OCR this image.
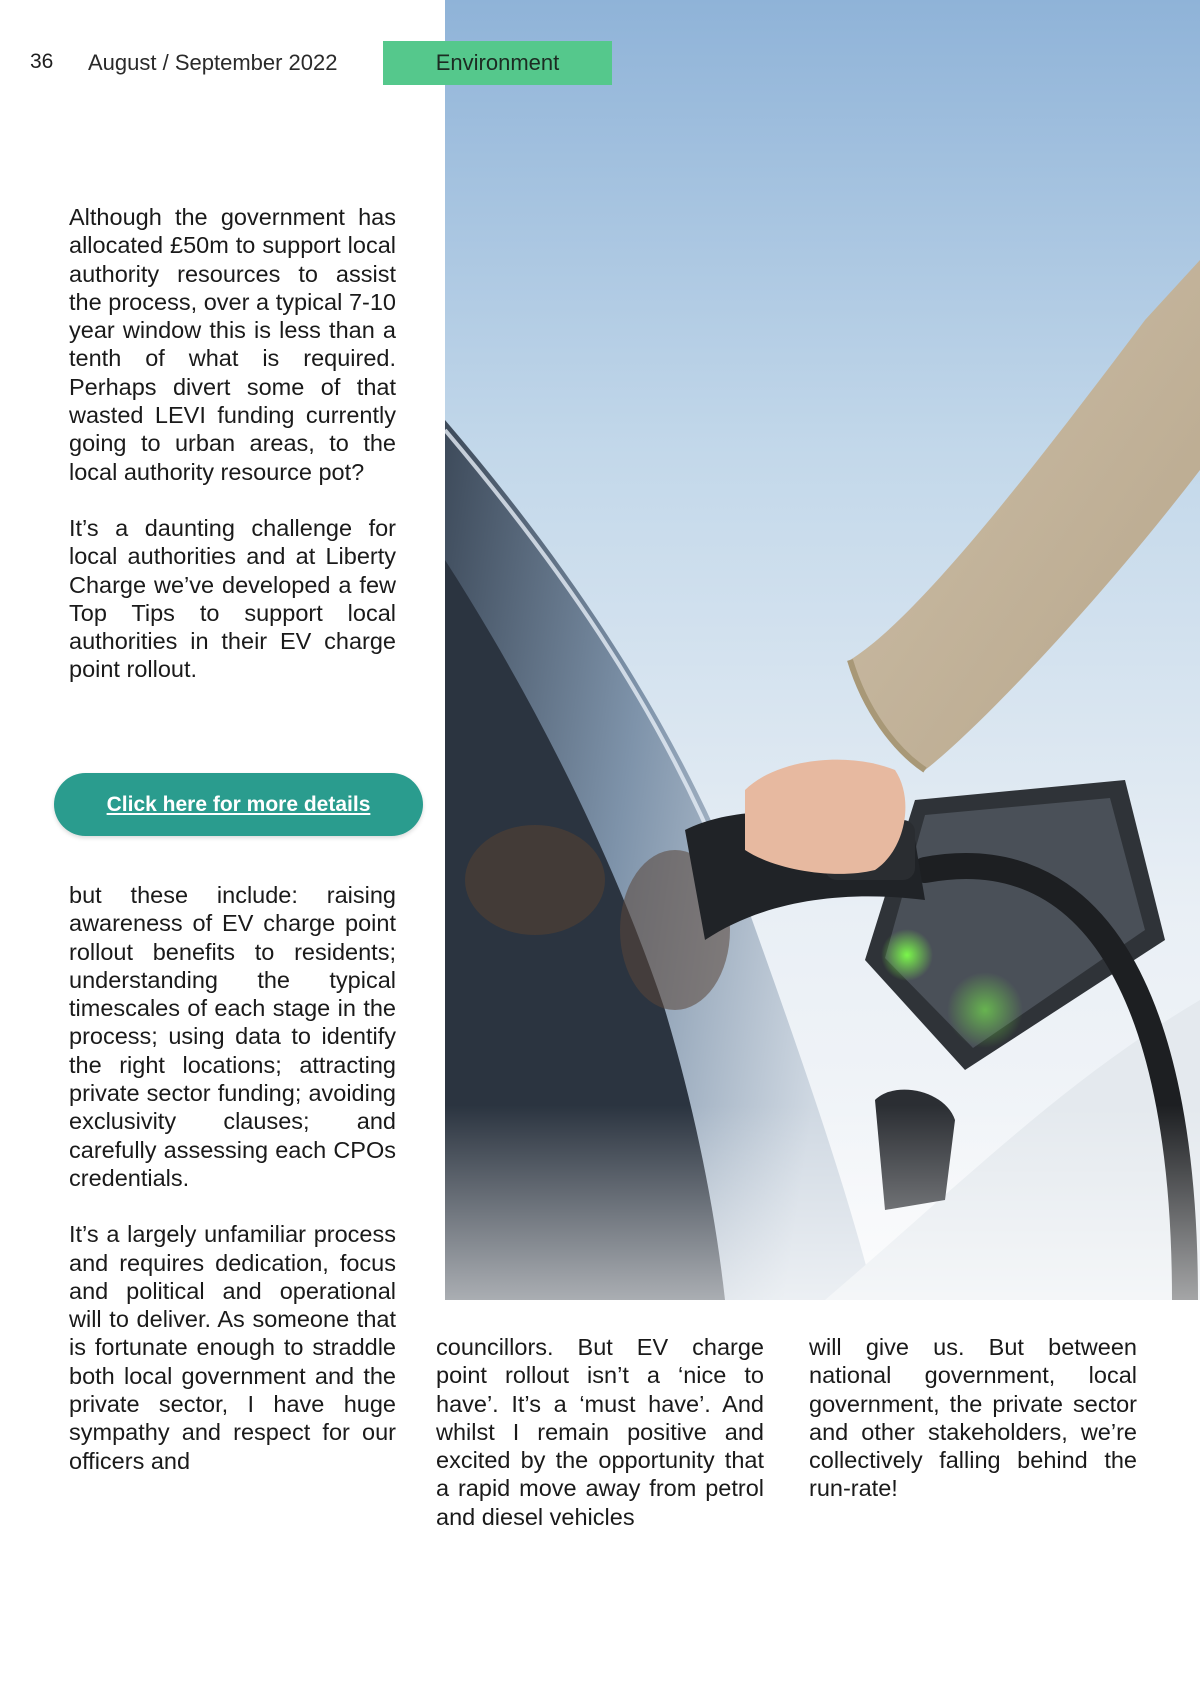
36 August / September 2022	Environment

Although the government has allocated £50m to support local authority resources to assist the process, over a typical 7-10 year window this is less than a tenth of what is required. Perhaps divert some of that wasted LEVI funding currently going to urban areas, to the local authority resource pot?

It’s a daunting challenge for local authorities and at Liberty Charge we’ve developed a few Top Tips to support local authorities in their EV charge point rollout.

Click here for more details

but these include: raising awareness of EV charge point rollout benefits to residents; understanding the typical timescales of each stage in the process; using data to identify the right locations; attracting private sector funding; avoiding exclusivity clauses; and carefully assessing each CPOs credentials.

It’s a largely unfamiliar process and requires dedication, focus and political and operational will to deliver. As someone that is fortunate enough to straddle both local government and the private sector, I have huge sympathy and respect for our officers and

councillors. But EV charge point rollout isn’t a ‘nice to have’. It’s a ‘must have’. And whilst I remain positive and excited by the opportunity that a rapid move away from petrol and diesel vehicles

will give us. But between national government, local government, the private sector and other stakeholders, we’re collectively falling behind the run-rate!
